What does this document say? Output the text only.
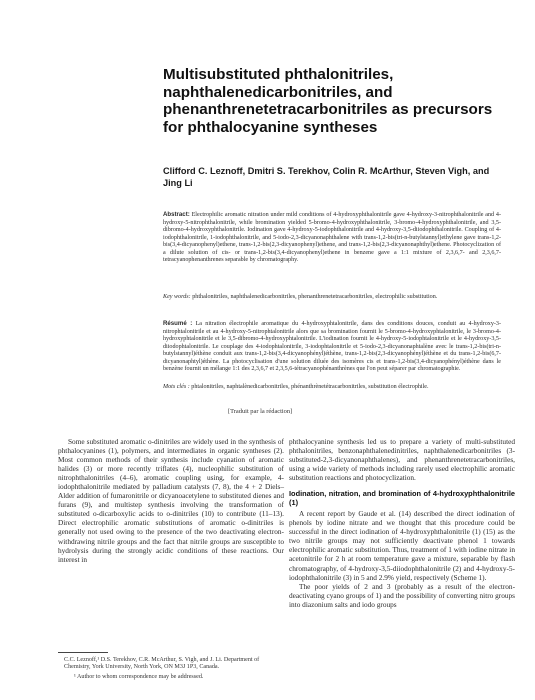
Multisubstituted phthalonitriles, naphthalenedicarbonitriles, and phenanthrenetetracarbonitriles as precursors for phthalocyanine syntheses

Clifford C. Leznoff, Dmitri S. Terekhov, Colin R. McArthur, Steven Vigh, and Jing Li

Abstract: Electrophilic aromatic nitration under mild conditions of 4-hydroxyphthalonitrile gave 4-hydroxy-3-nitrophthalonitrile and 4-hydroxy-5-nitrophthalonitrile, while bromination yielded 5-bromo-4-hydroxyphthalonitrile, 3-bromo-4-hydroxyphthalonitrile, and 3,5-dibromo-4-hydroxyphthalonitrile. Iodination gave 4-hydroxy-5-iodophthalonitrile and 4-hydroxy-3,5-diiodophthalonitrile. Coupling of 4-iodophthalonitrile, 1-iodophthalonitrile, and 5-iodo-2,3-dicyanonaphthalene with trans-1,2-bis(tri-n-butylstannyl)ethylene gave trans-1,2-bis(3,4-dicyanophenyl)ethene, trans-1,2-bis(2,3-dicyanophenyl)ethene, and trans-1,2-bis(2,3-dicyanonaphthyl)ethene. Photocyclization of a dilute solution of cis- or trans-1,2-bis(3,4-dicyanophenyl)ethene in benzene gave a 1:1 mixture of 2,3,6,7- and 2,3,6,7-tetracyanophenanthrenes separable by chromatography.

Key words: phthalonitriles, naphthalenedicarbonitriles, phenanthrenetetracarbonitriles, electrophilic substitution.

Résumé : La nitration électrophile aromatique du 4-hydroxyphtalonitrile, dans des conditions douces, conduit au 4-hydroxy-3-nitrophtalonitrile et au 4-hydroxy-5-nitrophtalonitrile alors que sa bromination fournit le 5-bromo-4-hydroxyphtalonitrile, le 3-bromo-4-hydroxyphtalonitrile et le 3,5-dibromo-4-hydroxyphtalonitrile. L'iodination fournit le 4-hydroxy-5-iodophtalonitrile et le 4-hydroxy-3,5-diiodophtalonitrile. Le couplage des 4-iodophtalonitrile, 3-iodophtalonitrile et 5-iodo-2,3-dicyanonaphtalène avec le trans-1,2-bis(tri-n-butylstannyl)éthène conduit aux trans-1,2-bis(3,4-dicyanophényl)éthène, trans-1,2-bis(2,3-dicyanophényl)éthène et du trans-1,2-bis(6,7-dicyanonaphtyl)éthène. La photocyclisation d'une solution diluée des isomères cis et trans-1,2-bis(3,4-dicyanophényl)éthène dans le benzène fournit un mélange 1:1 des 2,3,6,7 et 2,3,5,6-tétracyanophénanthrènes que l'on peut séparer par chromatographie.

Mots clés : phtalonitriles, naphtalènedicarbonitriles, phénanthrènetétracarbonitriles, substitution électrophile.

[Traduit par la rédaction]

Some substituted aromatic o-dinitriles are widely used in the synthesis of phthalocyanines (1), polymers, and intermediates in organic syntheses (2). Most common methods of their synthesis include cyanation of aromatic halides (3) or more recently triflates (4), nucleophilic substitution of nitrophthalonitriles (4–6), aromatic coupling using, for example, 4-iodophthalonitrile mediated by palladium catalysts (7, 8), the 4 + 2 Diels–Alder addition of fumaronitrile or dicyanoacetylene to substituted dienes and furans (9), and multistep synthesis involving the transformation of substituted o-dicarboxylic acids to o-dinitriles (10) to contribute (11–13). Direct electrophilic aromatic substitutions of aromatic o-dinitriles is generally not used owing to the presence of the two deactivating electron-withdrawing nitrile groups and the fact that nitrile groups are susceptible to hydrolysis during the strongly acidic conditions of these reactions. Our interest in

phthalocyanine synthesis led us to prepare a variety of multi-substituted phthalonitriles, benzonaphthalenedinitriles, naphthalenedicarbonitriles (3-substituted-2,3-dicyanonaphthalenes), and phenanthrenetetracarbonitriles, using a wide variety of methods including rarely used electrophilic aromatic substitution reactions and photocyclization.

Iodination, nitration, and bromination of 4-hydroxyphthalonitrile (1)

A recent report by Gaude et al. (14) described the direct iodination of phenols by iodine nitrate and we thought that this procedure could be successful in the direct iodination of 4-hydroxyphthalonitrile (1) (15) as the two nitrile groups may not sufficiently deactivate phenol 1 towards electrophilic aromatic substitution. Thus, treatment of 1 with iodine nitrate in acetonitrile for 2 h at room temperature gave a mixture, separable by flash chromatography, of 4-hydroxy-3,5-diiodophthalonitrile (2) and 4-hydroxy-5-iodophthalonitrile (3) in 5 and 2.9% yield, respectively (Scheme 1).

The poor yields of 2 and 3 (probably as a result of the electron-deactivating cyano groups of 1) and the possibility of converting nitro groups into diazonium salts and iodo groups

C.C. Leznoff,¹ D.S. Terekhov, C.R. McArthur, S. Vigh, and J. Li. Department of Chemistry, York University, North York, ON M3J 1P3, Canada.

¹ Author to whom correspondence may be addressed.
